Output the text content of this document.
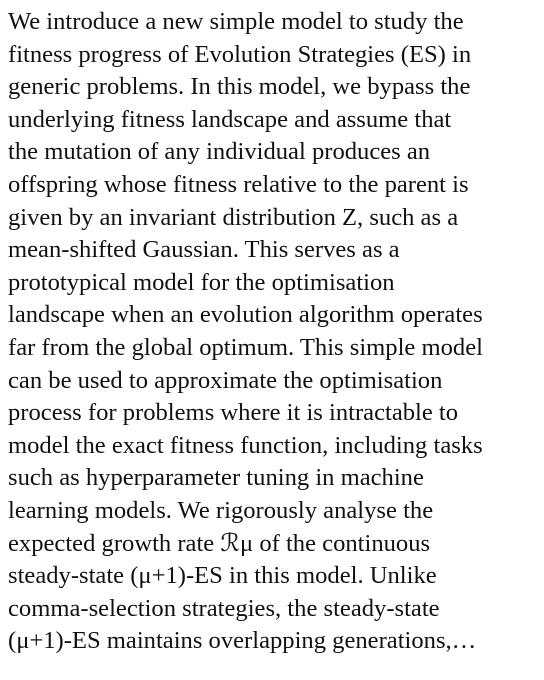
We introduce a new simple model to study the
fitness progress of Evolution Strategies (ES) in
generic problems. In this model, we bypass the
underlying fitness landscape and assume that
the mutation of any individual produces an
offspring whose fitness relative to the parent is
given by an invariant distribution Z, such as a
mean-shifted Gaussian. This serves as a
prototypical model for the optimisation
landscape when an evolution algorithm operates
far from the global optimum. This simple model
can be used to approximate the optimisation
process for problems where it is intractable to
model the exact fitness function, including tasks
such as hyperparameter tuning in machine
learning models. We rigorously analyse the
expected growth rate ℛμ of the continuous
steady-state (μ+1)-ES in this model. Unlike
comma-selection strategies, the steady-state
(μ+1)-ES maintains overlapping generations,…
